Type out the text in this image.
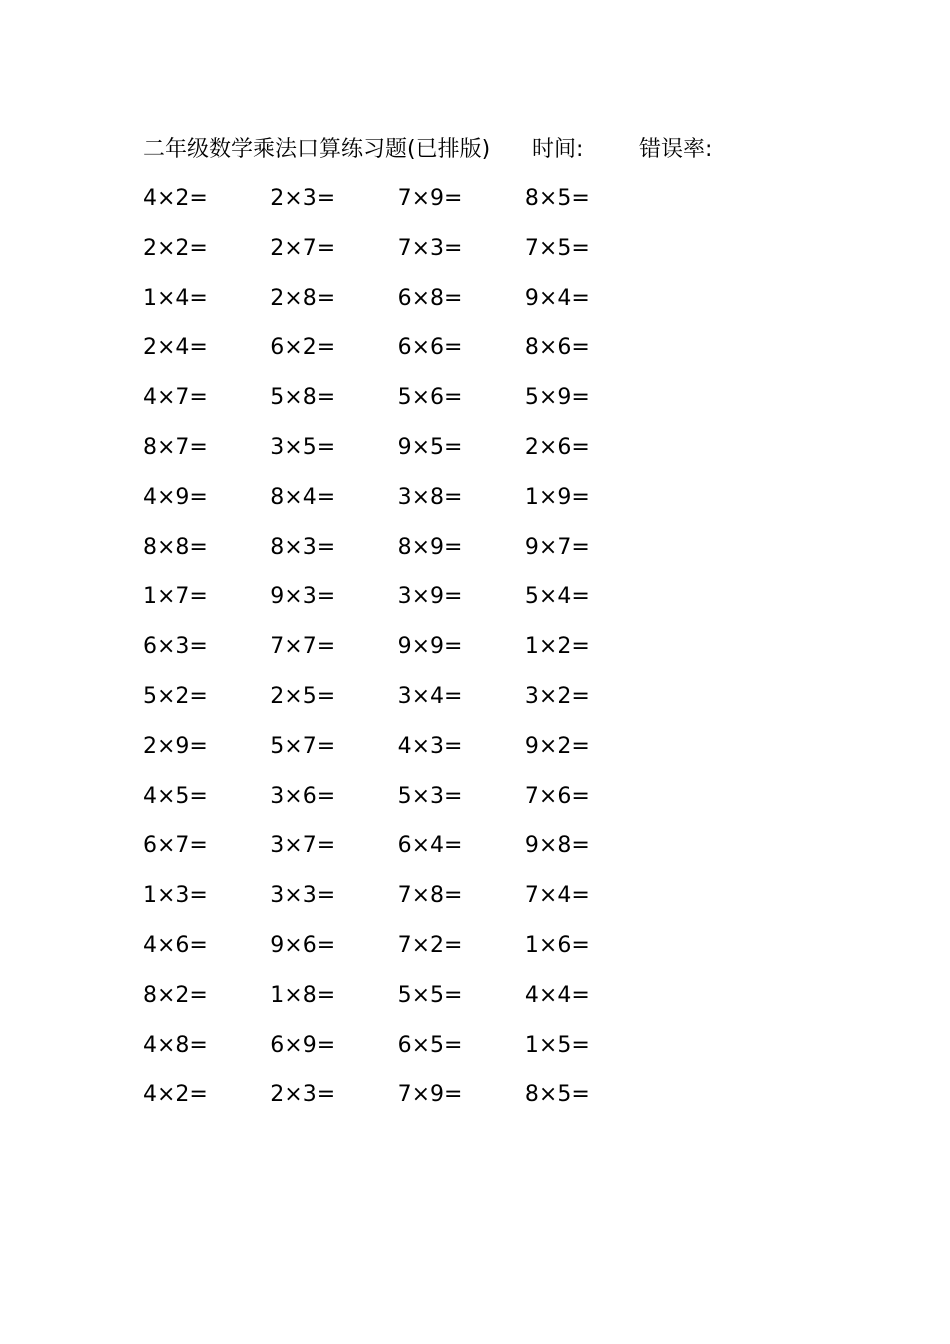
二年级数学乘法口算练习题(已排版) 时间:	错误率:
4×2=	2×3=	7×9=	8×5=
2×2=	2×7=	7×3=	7×5=
1×4=	2×8=	6×8=	9×4=
2×4=	6×2=	6×6=	8×6=
4×7=	5×8=	5×6=	5×9=
8×7=	3×5=	9×5=	2×6=
4×9=	8×4=	3×8=	1×9=
8×8=	8×3=	8×9=	9×7=
1×7=	9×3=	3×9=	5×4=
6×3=	7×7=	9×9=	1×2=
5×2=	2×5=	3×4=	3×2=
2×9=	5×7=	4×3=	9×2=
4×5=	3×6=	5×3=	7×6=
6×7=	3×7=	6×4=	9×8=
1×3=	3×3=	7×8=	7×4=
4×6=	9×6=	7×2=	1×6=
8×2=	1×8=	5×5=	4×4=
4×8=	6×9=	6×5=	1×5=
4×2=	2×3=	7×9=	8×5=
